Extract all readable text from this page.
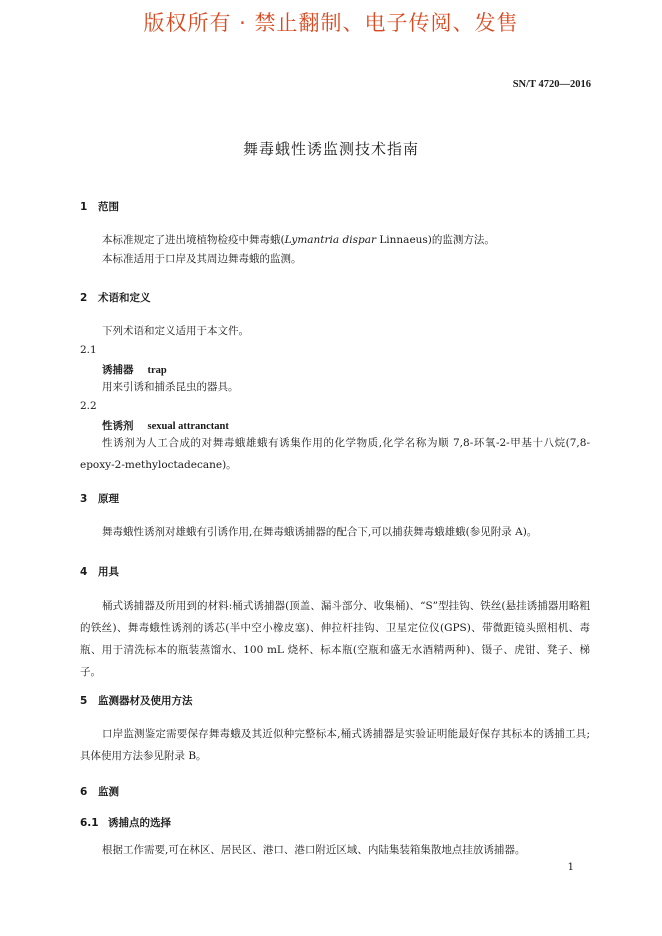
版权所有 · 禁止翻制、电子传阅、发售
SN/T 4720—2016
舞毒蛾性诱监测技术指南
1 范围
本标准规定了进出境植物检疫中舞毒蛾(Lymantria dispar Linnaeus)的监测方法。
本标准适用于口岸及其周边舞毒蛾的监测。
2 术语和定义
下列术语和定义适用于本文件。
2.1
诱捕器 trap
用来引诱和捕杀昆虫的器具。
2.2
性诱剂 sexual attranctant
性诱剂为人工合成的对舞毒蛾雄蛾有诱集作用的化学物质,化学名称为顺 7,8-环氧-2-甲基十八烷(7,8-epoxy-2-methyloctadecane)。
3 原理
舞毒蛾性诱剂对雄蛾有引诱作用,在舞毒蛾诱捕器的配合下,可以捕获舞毒蛾雄蛾(参见附录 A)。
4 用具
桶式诱捕器及所用到的材料:桶式诱捕器(顶盖、漏斗部分、收集桶)、“S”型挂钩、铁丝(悬挂诱捕器用略粗的铁丝)、舞毒蛾性诱剂的诱芯(半中空小橡皮塞)、伸拉杆挂钩、卫星定位仪(GPS)、带微距镜头照相机、毒瓶、用于清洗标本的瓶装蒸馏水、100 mL 烧杯、标本瓶(空瓶和盛无水酒精两种)、镊子、虎钳、凳子、梯子。
5 监测器材及使用方法
口岸监测鉴定需要保存舞毒蛾及其近似种完整标本,桶式诱捕器是实验证明能最好保存其标本的诱捕工具;具体使用方法参见附录 B。
6 监测
6.1 诱捕点的选择
根据工作需要,可在林区、居民区、港口、港口附近区域、内陆集装箱集散地点挂放诱捕器。
1
